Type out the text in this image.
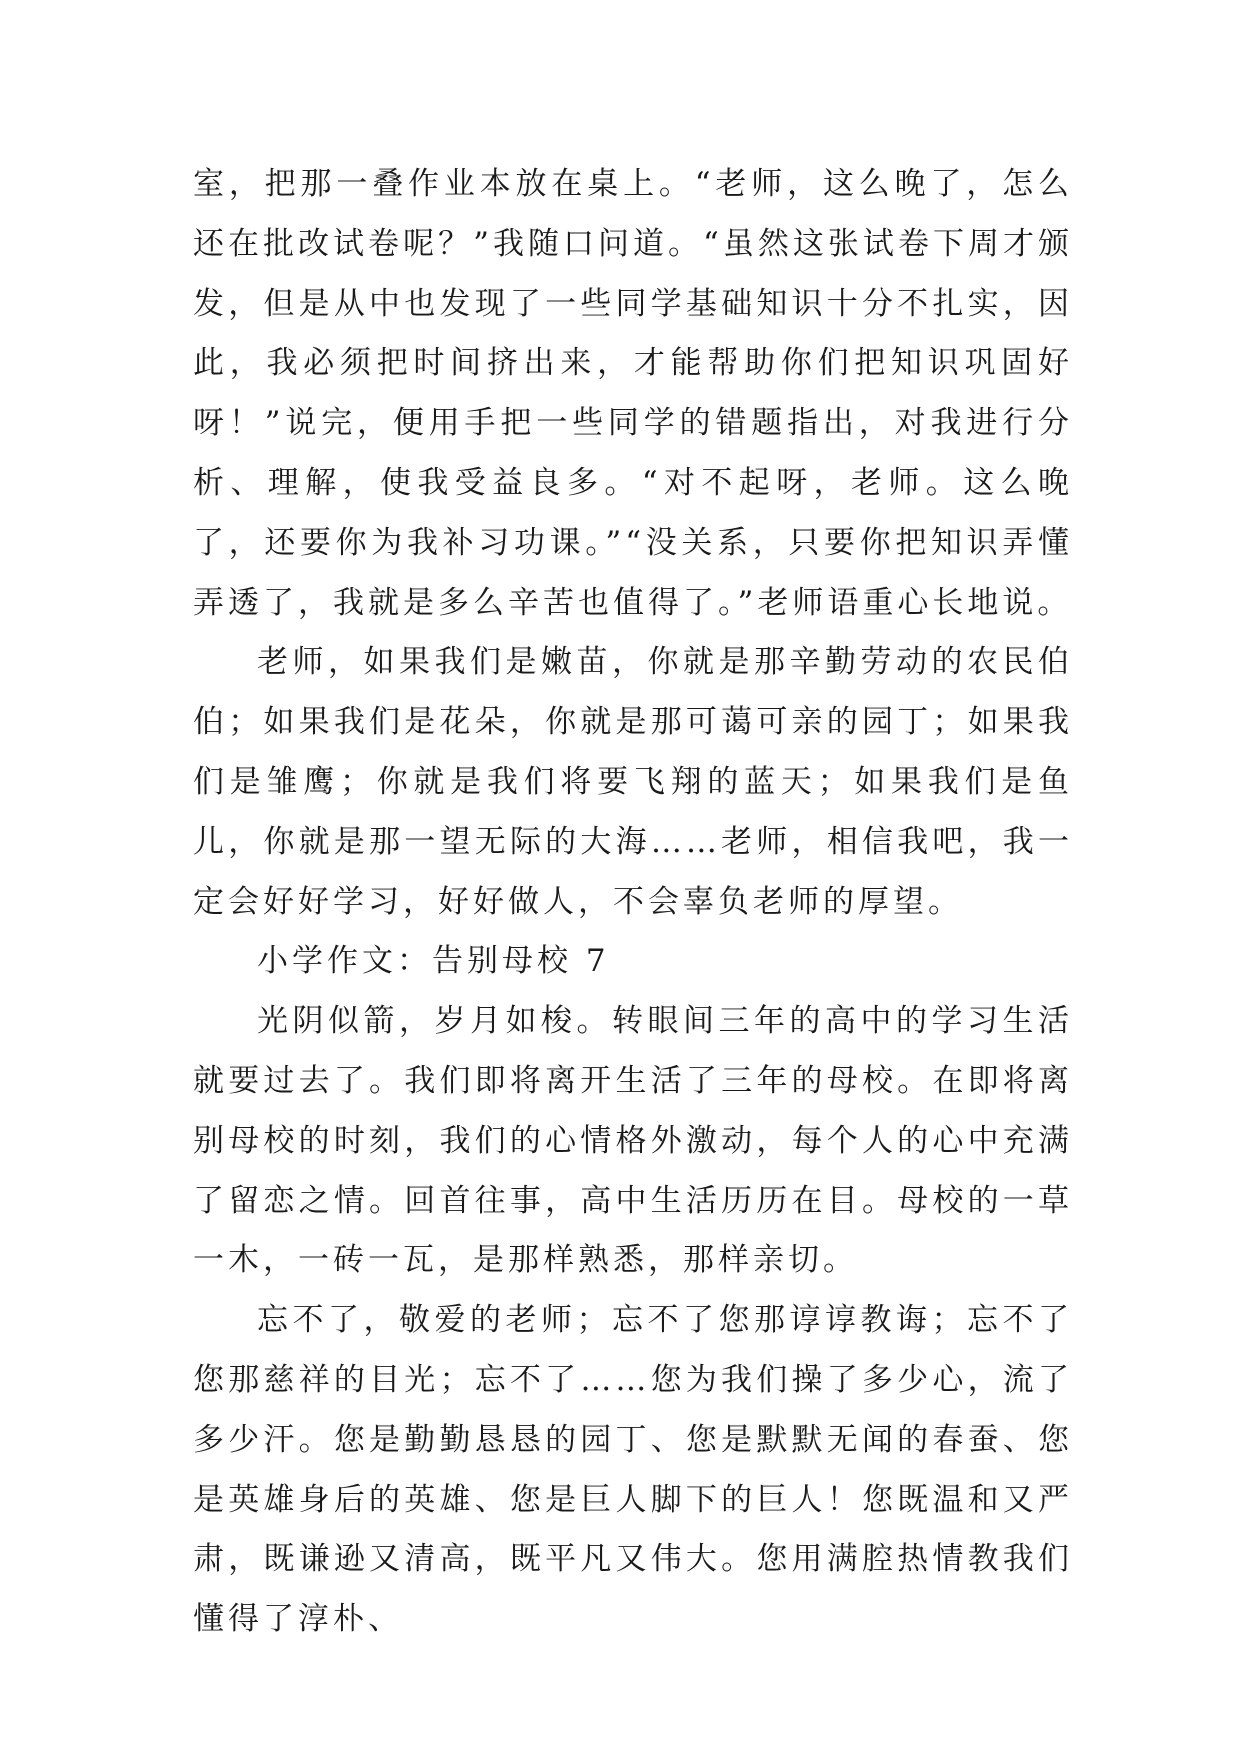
室，把那一叠作业本放在桌上。“老师，这么晚了，怎么还在批改试卷呢？”我随口问道。“虽然这张试卷下周才颁发，但是从中也发现了一些同学基础知识十分不扎实，因此，我必须把时间挤出来，才能帮助你们把知识巩固好呀！”说完，便用手把一些同学的错题指出，对我进行分析、理解，使我受益良多。“对不起呀，老师。这么晚了，还要你为我补习功课。”“没关系，只要你把知识弄懂弄透了，我就是多么辛苦也值得了。”老师语重心长地说。

老师，如果我们是嫩苗，你就是那辛勤劳动的农民伯伯；如果我们是花朵，你就是那可蔼可亲的园丁；如果我们是雏鹰；你就是我们将要飞翔的蓝天；如果我们是鱼儿，你就是那一望无际的大海……老师，相信我吧，我一定会好好学习，好好做人，不会辜负老师的厚望。

小学作文：告别母校 7

光阴似箭，岁月如梭。转眼间三年的高中的学习生活就要过去了。我们即将离开生活了三年的母校。在即将离别母校的时刻，我们的心情格外激动，每个人的心中充满了留恋之情。回首往事，高中生活历历在目。母校的一草一木，一砖一瓦，是那样熟悉，那样亲切。

忘不了，敬爱的老师；忘不了您那谆谆教诲；忘不了您那慈祥的目光；忘不了……您为我们操了多少心，流了多少汗。您是勤勤恳恳的园丁、您是默默无闻的春蚕、您是英雄身后的英雄、您是巨人脚下的巨人！您既温和又严肃，既谦逊又清高，既平凡又伟大。您用满腔热情教我们懂得了淳朴、
